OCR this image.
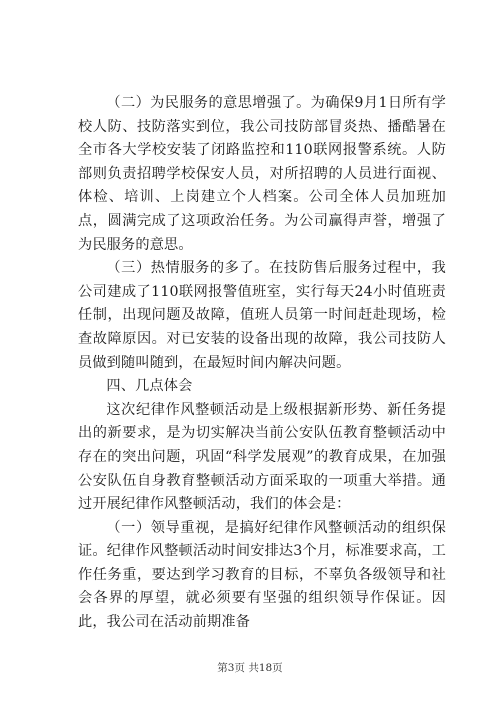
（二）为民服务的意思增强了。为确保9月1日所有学校人防、技防落实到位，我公司技防部冒炎热、播酷暑在全市各大学校安装了闭路监控和110联网报警系统。人防部则负责招聘学校保安人员，对所招聘的人员进行面视、体检、培训、上岗建立个人档案。公司全体人员加班加点，圆满完成了这项政治任务。为公司赢得声誉，增强了为民服务的意思。

（三）热情服务的多了。在技防售后服务过程中，我公司建成了110联网报警值班室，实行每天24小时值班责任制，出现问题及故障，值班人员第一时间赶赴现场，检查故障原因。对已安装的设备出现的故障，我公司技防人员做到随叫随到，在最短时间内解决问题。

四、几点体会

这次纪律作风整顿活动是上级根据新形势、新任务提出的新要求，是为切实解决当前公安队伍教育整顿活动中存在的突出问题，巩固“科学发展观”的教育成果，在加强公安队伍自身教育整顿活动方面采取的一项重大举措。通过开展纪律作风整顿活动，我们的体会是：

（一）领导重视，是搞好纪律作风整顿活动的组织保证。纪律作风整顿活动时间安排达3个月，标准要求高，工作任务重，要达到学习教育的目标，不辜负各级领导和社会各界的厚望，就必须要有坚强的组织领导作保证。因此，我公司在活动前期准备

第3页 共18页
